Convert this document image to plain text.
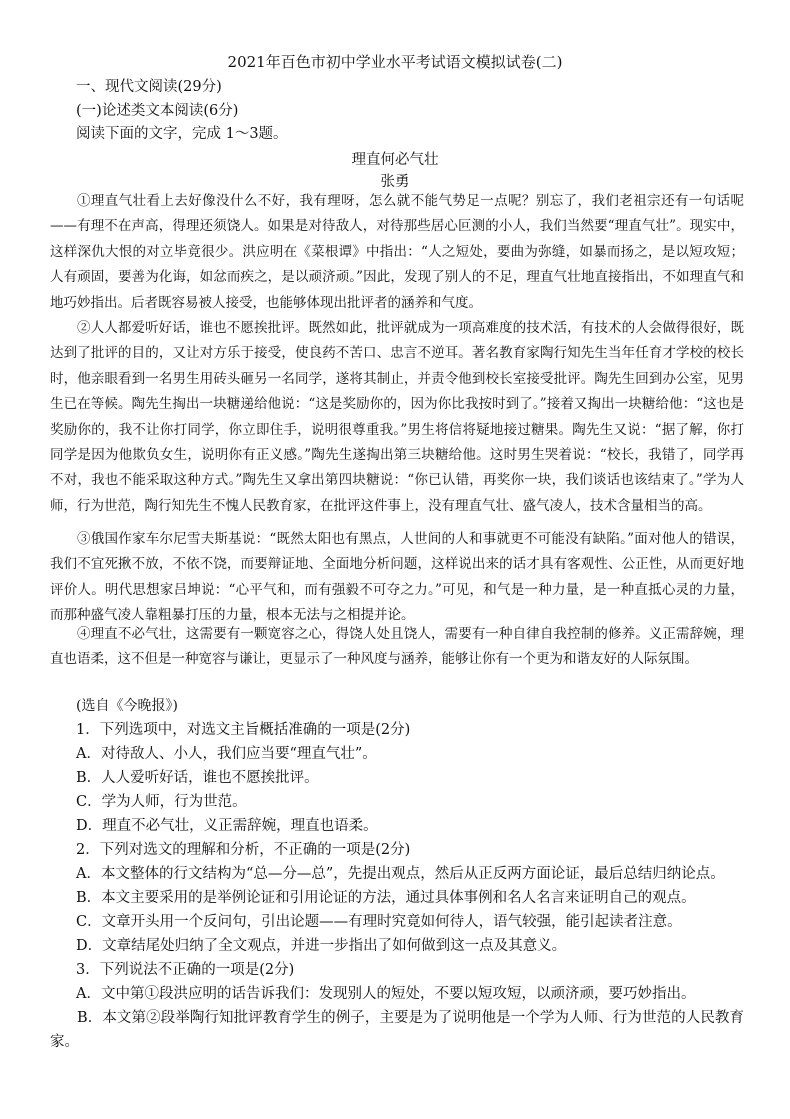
2021年百色市初中学业水平考试语文模拟试卷(二)
一、现代文阅读(29分)
(一)论述类文本阅读(6分)
阅读下面的文字，完成 1～3题。
理直何必气壮
张勇
①理直气壮看上去好像没什么不好，我有理呀，怎么就不能气势足一点呢？别忘了，我们老祖宗还有一句话呢——有理不在声高，得理还须饶人。如果是对待敌人，对待那些居心叵测的小人，我们当然要“理直气壮”。现实中，这样深仇大恨的对立毕竟很少。洪应明在《菜根谭》中指出：“人之短处，要曲为弥缝，如暴而扬之，是以短攻短；人有顽固，要善为化诲，如忿而疾之，是以顽济顽。”因此，发现了别人的不足，理直气壮地直接指出，不如理直气和地巧妙指出。后者既容易被人接受，也能够体现出批评者的涵养和气度。
②人人都爱听好话，谁也不愿挨批评。既然如此，批评就成为一项高难度的技术活，有技术的人会做得很好，既达到了批评的目的，又让对方乐于接受，使良药不苦口、忠言不逆耳。著名教育家陶行知先生当年任育才学校的校长时，他亲眼看到一名男生用砖头砸另一名同学，遂将其制止，并责令他到校长室接受批评。陶先生回到办公室，见男生已在等候。陶先生掏出一块糖递给他说：“这是奖励你的，因为你比我按时到了。”接着又掏出一块糖给他：“这也是奖励你的，我不让你打同学，你立即住手，说明很尊重我。”男生将信将疑地接过糖果。陶先生又说：“据了解，你打同学是因为他欺负女生，说明你有正义感。”陶先生遂掏出第三块糖给他。这时男生哭着说：“校长，我错了，同学再不对，我也不能采取这种方式。”陶先生又拿出第四块糖说：“你已认错，再奖你一块，我们谈话也该结束了。”学为人师，行为世范，陶行知先生不愧人民教育家，在批评这件事上，没有理直气壮、盛气凌人，技术含量相当的高。
③俄国作家车尔尼雪夫斯基说：“既然太阳也有黑点，人世间的人和事就更不可能没有缺陷。”面对他人的错误，我们不宜死揪不放，不依不饶，而要辩证地、全面地分析问题，这样说出来的话才具有客观性、公正性，从而更好地评价人。明代思想家吕坤说：“心平气和，而有强毅不可夺之力。”可见，和气是一种力量，是一种直抵心灵的力量，而那种盛气凌人靠粗暴打压的力量，根本无法与之相提并论。
④理直不必气壮，这需要有一颗宽容之心，得饶人处且饶人，需要有一种自律自我控制的修养。义正需辞婉，理直也语柔，这不但是一种宽容与谦让，更显示了一种风度与涵养，能够让你有一个更为和谐友好的人际氛围。
(选自《今晚报》)
1．下列选项中，对选文主旨概括准确的一项是(2分)
A．对待敌人、小人，我们应当要“理直气壮”。
B．人人爱听好话，谁也不愿挨批评。
C．学为人师，行为世范。
D．理直不必气壮，义正需辞婉，理直也语柔。
2．下列对选文的理解和分析，不正确的一项是(2分)
A．本文整体的行文结构为“总—分—总”，先提出观点，然后从正反两方面论证，最后总结归纳论点。
B．本文主要采用的是举例论证和引用论证的方法，通过具体事例和名人名言来证明自己的观点。
C．文章开头用一个反问句，引出论题——有理时究竟如何待人，语气较强，能引起读者注意。
D．文章结尾处归纳了全文观点，并进一步指出了如何做到这一点及其意义。
3．下列说法不正确的一项是(2分)
A．文中第①段洪应明的话告诉我们：发现别人的短处，不要以短攻短，以顽济顽，要巧妙指出。
B．本文第②段举陶行知批评教育学生的例子，主要是为了说明他是一个学为人师、行为世范的人民教育家。
